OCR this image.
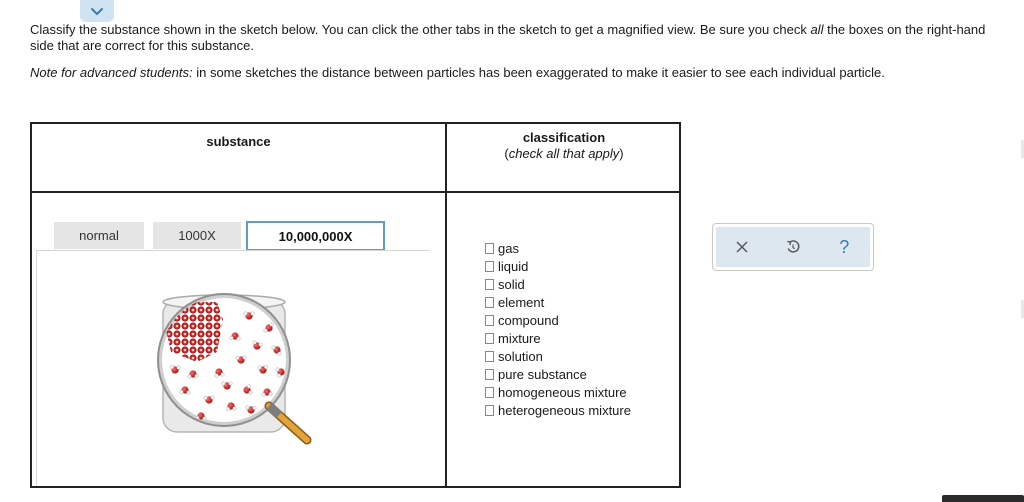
Classify the substance shown in the sketch below. You can click the other tabs in the sketch to get a magnified view. Be sure you check all the boxes on the right-hand side that are correct for this substance.

Note for advanced students: in some sketches the distance between particles has been exaggerated to make it easier to see each individual particle.

substance	classification
(check all that apply)
normal	1000X	10,000,000X
gas
liquid
solid
element
compound
mixture
solution
pure substance
homogeneous mixture
heterogeneous mixture
?
